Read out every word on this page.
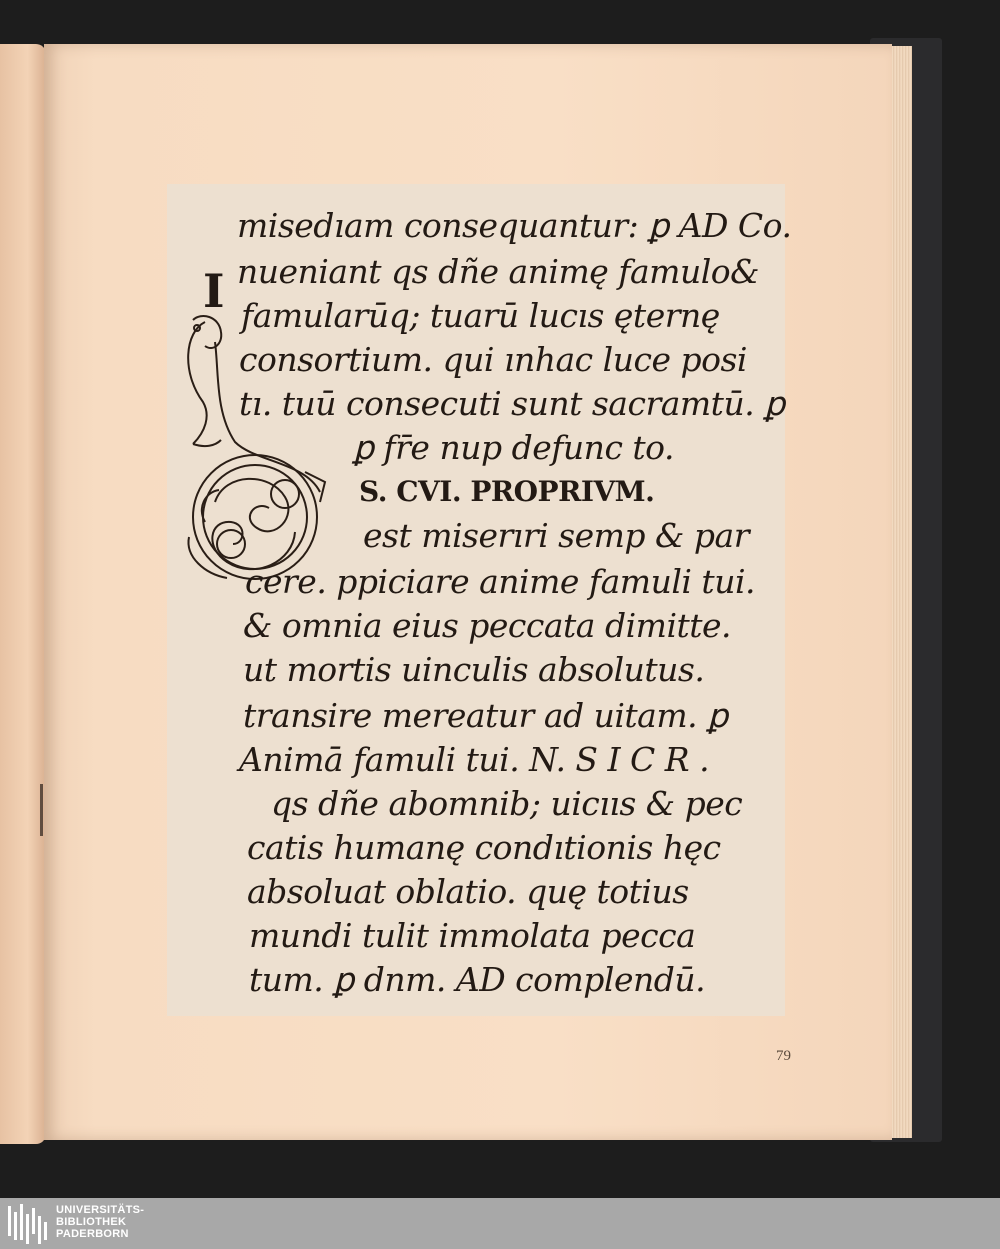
I
misedıam consequantur: ꝑ AD Co.
nueniant qs dñe animę famulo&
famularūq; tuarū lucıs ęternę
consortium. qui ınhac luce posi
tı. tuū consecuti sunt sacramtū. ꝑ
ꝑ fr̄e nup defunc to.
S. CVI. PROPRIVM.
est miserıri semp & par
cere. ppiciare anime famuli tui.
& omnia eius peccata dimitte.
ut mortis uinculis absolutus.
transire mereatur ad uitam. ꝑ
Animā famuli tui. N. S I C R .
qs dñe abomnib; uicııs & pec
catis humanę condıtionis hęc
absoluat oblatio. quę totius
mundi tulit immolata pecca
tum. ꝑ dnm. AD complendū.
79
UNIVERSITÄTS-
BIBLIOTHEK
PADERBORN
